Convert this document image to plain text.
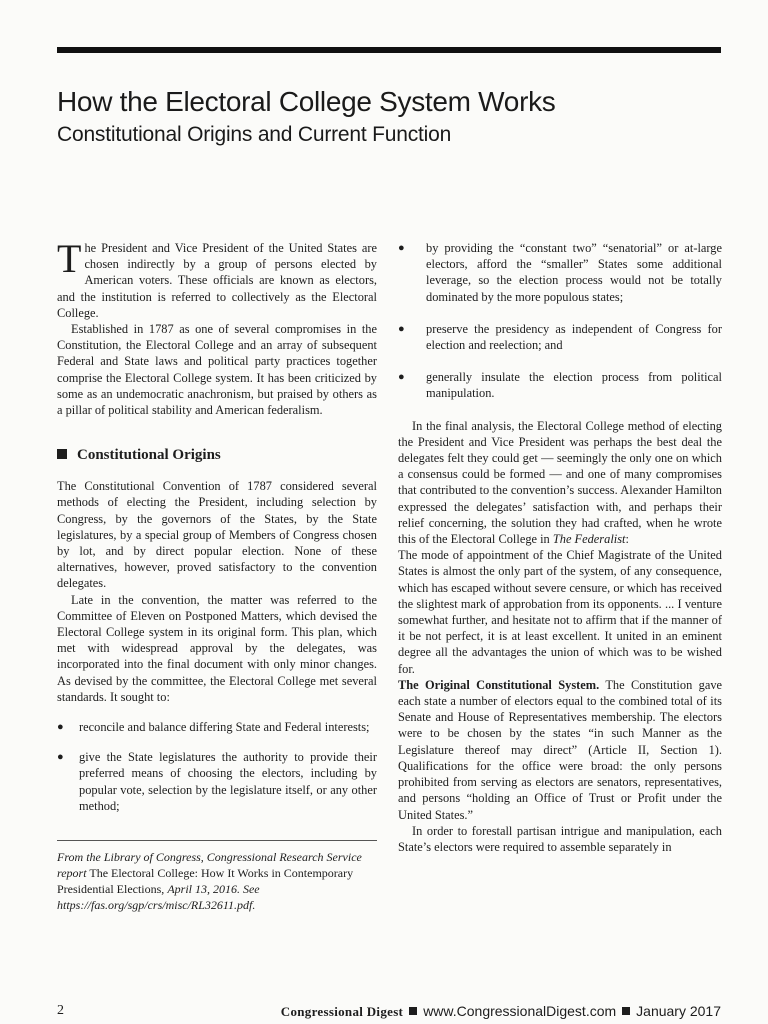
How the Electoral College System Works
Constitutional Origins and Current Function

The President and Vice President of the United States are chosen indirectly by a group of persons elected by American voters. These officials are known as electors, and the institution is referred to collectively as the Electoral College.

Established in 1787 as one of several compromises in the Constitution, the Electoral College and an array of subsequent Federal and State laws and political party practices together comprise the Electoral College system. It has been criticized by some as an undemocratic anachronism, but praised by others as a pillar of political stability and American federalism.

Constitutional Origins

The Constitutional Convention of 1787 considered several methods of electing the President, including selection by Congress, by the governors of the States, by the State legislatures, by a special group of Members of Congress chosen by lot, and by direct popular election. None of these alternatives, however, proved satisfactory to the convention delegates.

Late in the convention, the matter was referred to the Committee of Eleven on Postponed Matters, which devised the Electoral College system in its original form. This plan, which met with widespread approval by the delegates, was incorporated into the final document with only minor changes. As devised by the committee, the Electoral College met several standards. It sought to:

● reconcile and balance differing State and Federal interests;
● give the State legislatures the authority to provide their preferred means of choosing the electors, including by popular vote, selection by the legislature itself, or any other method;
From the Library of Congress, Congressional Research Service report The Electoral College: How It Works in Contemporary Presidential Elections, April 13, 2016. See https://fas.org/sgp/crs/misc/RL32611.pdf.
● by providing the “constant two” “senatorial” or at-large electors, afford the “smaller” States some additional leverage, so the election process would not be totally dominated by the more populous states;
● preserve the presidency as independent of Congress for election and reelection; and
● generally insulate the election process from political manipulation.

In the final analysis, the Electoral College method of electing the President and Vice President was perhaps the best deal the delegates felt they could get — seemingly the only one on which a consensus could be formed — and one of many compromises that contributed to the convention’s success. Alexander Hamilton expressed the delegates’ satisfaction with, and perhaps their relief concerning, the solution they had crafted, when he wrote this of the Electoral College in The Federalist:

The mode of appointment of the Chief Magistrate of the United States is almost the only part of the system, of any consequence, which has escaped without severe censure, or which has received the slightest mark of approbation from its opponents. ... I venture somewhat further, and hesitate not to affirm that if the manner of it be not perfect, it is at least excellent. It united in an eminent degree all the advantages the union of which was to be wished for.

The Original Constitutional System. The Constitution gave each state a number of electors equal to the combined total of its Senate and House of Representatives membership. The electors were to be chosen by the states “in such Manner as the Legislature thereof may direct” (Article II, Section 1). Qualifications for the office were broad: the only persons prohibited from serving as electors are senators, representatives, and persons “holding an Office of Trust or Profit under the United States.”

In order to forestall partisan intrigue and manipulation, each State’s electors were required to assemble separately in

2	Congressional Digest www.CongressionalDigest.com January 2017
